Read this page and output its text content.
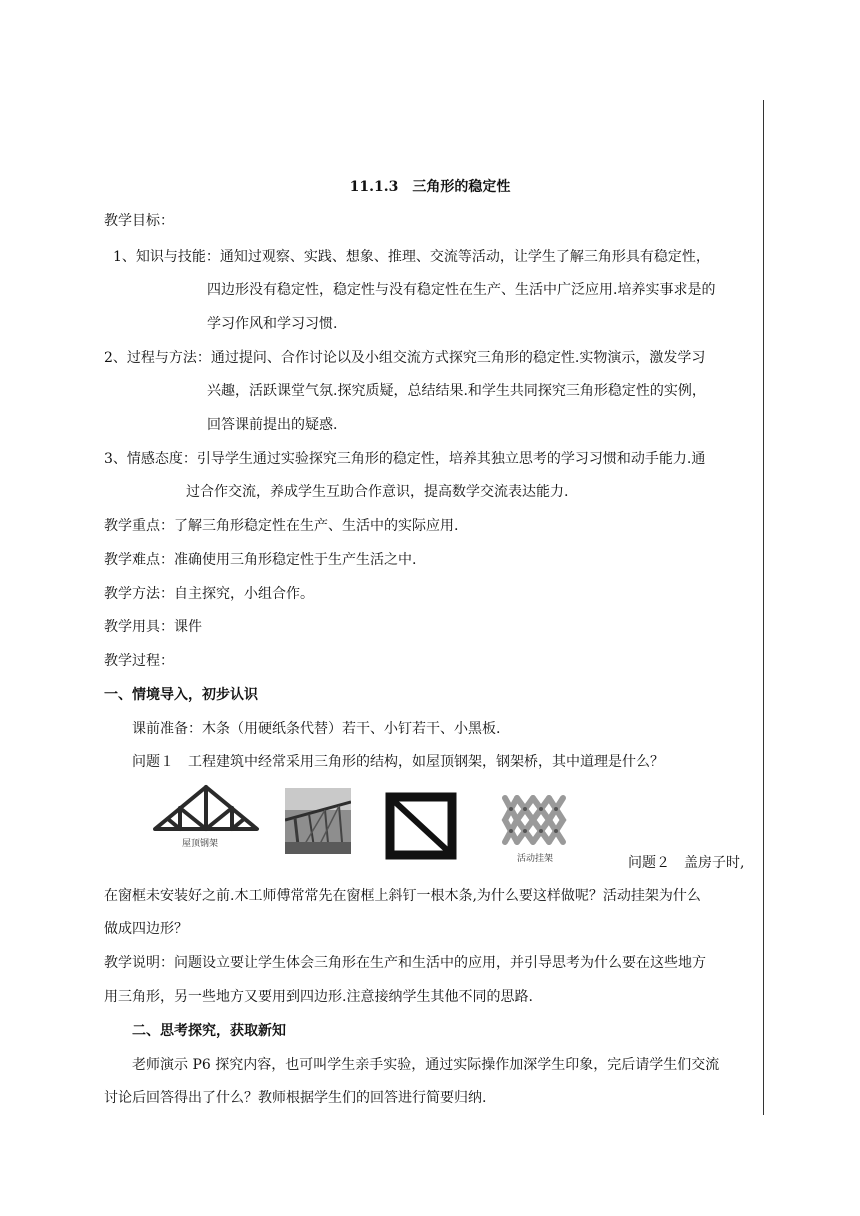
11.1.3　三角形的稳定性
教学目标：
1、知识与技能：通知过观察、实践、想象、推理、交流等活动，让学生了解三角形具有稳定性，
四边形没有稳定性，稳定性与没有稳定性在生产、生活中广泛应用.培养实事求是的
学习作风和学习习惯.
2、过程与方法：通过提问、合作讨论以及小组交流方式探究三角形的稳定性.实物演示，激发学习
兴趣，活跃课堂气氛.探究质疑，总结结果.和学生共同探究三角形稳定性的实例，
回答课前提出的疑惑.
3、情感态度：引导学生通过实验探究三角形的稳定性，培养其独立思考的学习习惯和动手能力.通
过合作交流，养成学生互助合作意识，提高数学交流表达能力.
教学重点：了解三角形稳定性在生产、生活中的实际应用.
教学难点：准确使用三角形稳定性于生产生活之中.
教学方法：自主探究，小组合作。
教学用具：课件
教学过程：
一、情境导入，初步认识
课前准备：木条（用硬纸条代替）若干、小钉若干、小黑板.
问题１　工程建筑中经常采用三角形的结构，如屋顶钢架，钢架桥，其中道理是什么？
屋顶钢架
活动挂架	问题２　盖房子时,
在窗框未安装好之前.木工师傅常常先在窗框上斜钉一根木条,为什么要这样做呢？活动挂架为什么
做成四边形？
教学说明：问题设立要让学生体会三角形在生产和生活中的应用，并引导思考为什么要在这些地方
用三角形，另一些地方又要用到四边形.注意接纳学生其他不同的思路.
二、思考探究，获取新知
老师演示 P6 探究内容，也可叫学生亲手实验，通过实际操作加深学生印象，完后请学生们交流
讨论后回答得出了什么？教师根据学生们的回答进行简要归纳.
